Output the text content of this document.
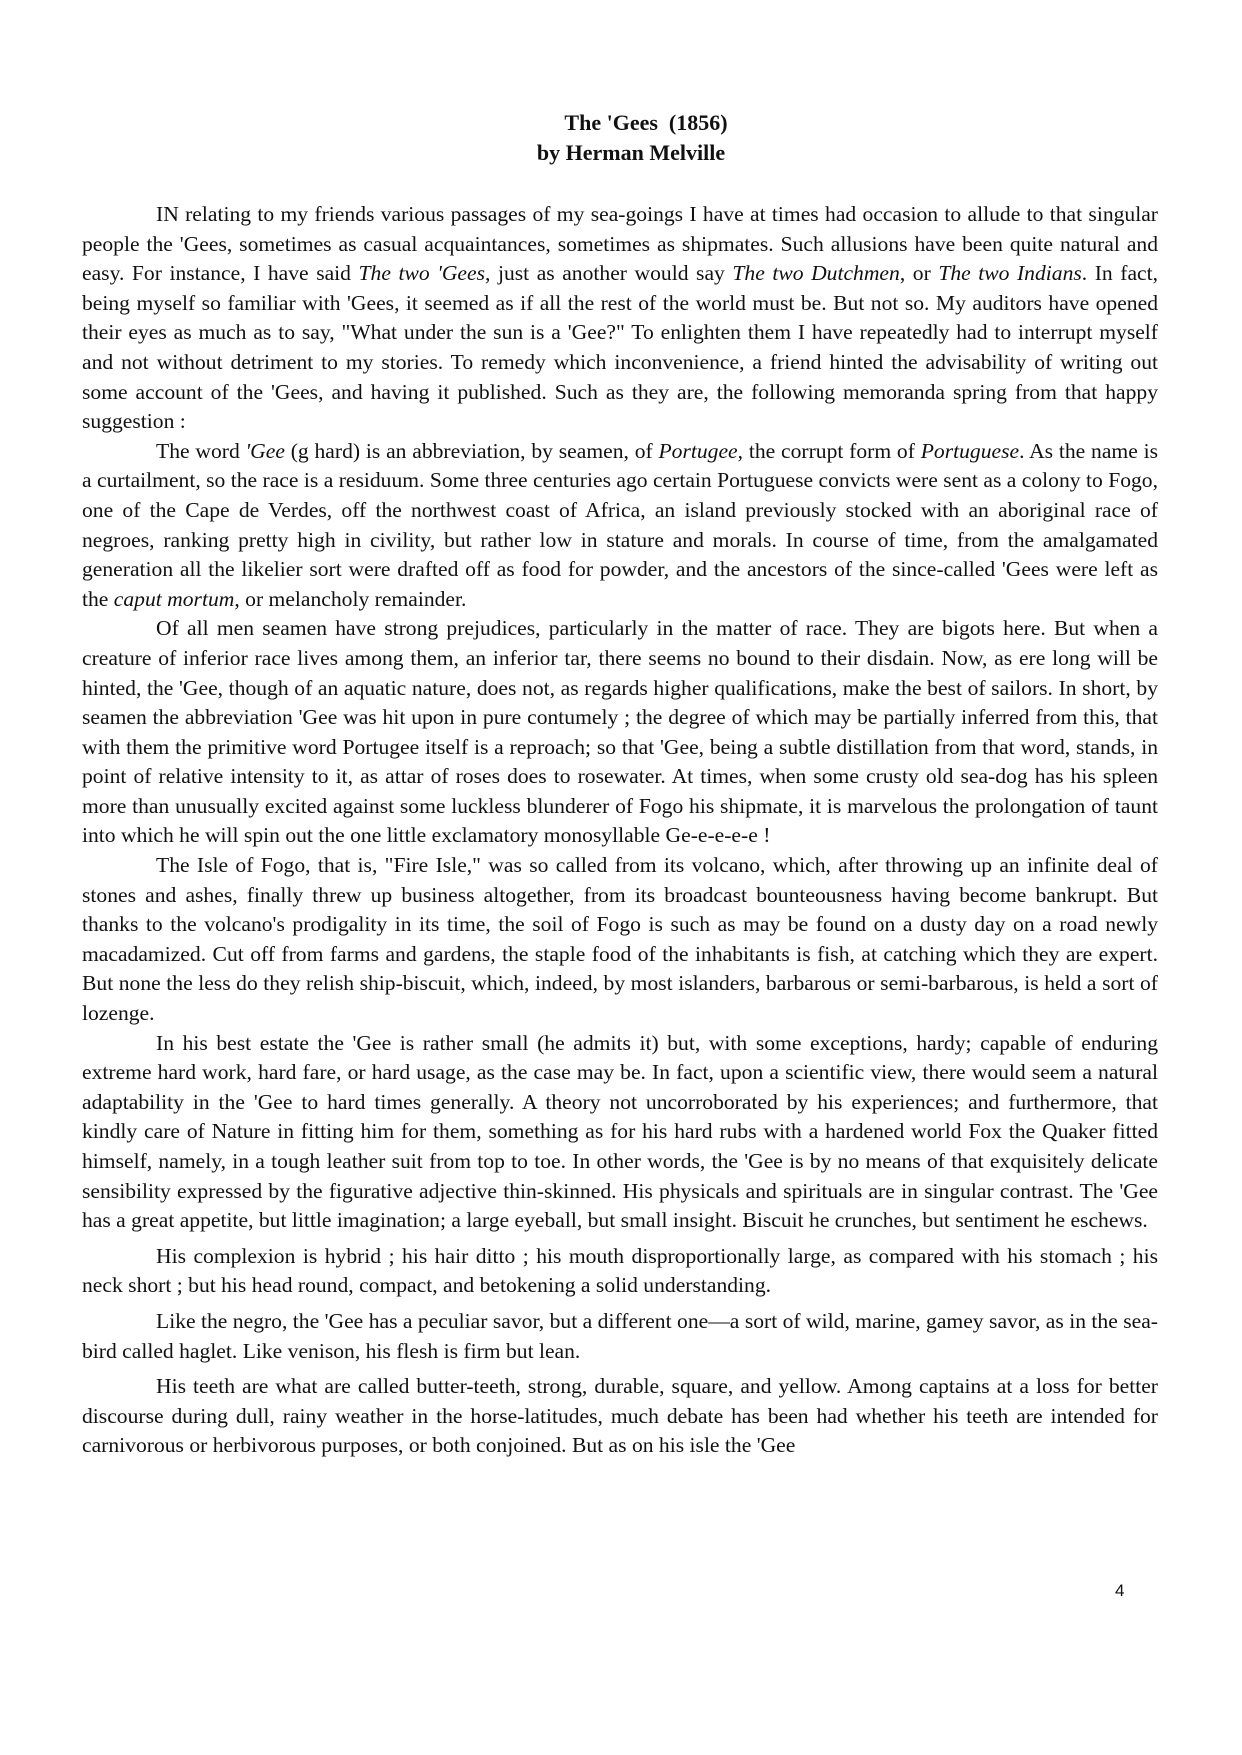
The 'Gees  (1856)
by Herman Melville

IN relating to my friends various passages of my sea-goings I have at times had occasion to allude to that singular people the 'Gees, sometimes as casual acquaintances, sometimes as shipmates. Such allusions have been quite natural and easy. For instance, I have said The two 'Gees, just as another would say The two Dutchmen, or The two Indians. In fact, being myself so familiar with 'Gees, it seemed as if all the rest of the world must be. But not so. My auditors have opened their eyes as much as to say, "What under the sun is a 'Gee?" To enlighten them I have repeatedly had to interrupt myself and not without detriment to my stories. To remedy which inconvenience, a friend hinted the advisability of writing out some account of the 'Gees, and having it published. Such as they are, the following memoranda spring from that happy suggestion :

The word 'Gee (g hard) is an abbreviation, by seamen, of Portugee, the corrupt form of Portuguese. As the name is a curtailment, so the race is a residuum. Some three centuries ago certain Portuguese convicts were sent as a colony to Fogo, one of the Cape de Verdes, off the northwest coast of Africa, an island previously stocked with an aboriginal race of negroes, ranking pretty high in civility, but rather low in stature and morals. In course of time, from the amalgamated generation all the likelier sort were drafted off as food for powder, and the ancestors of the since-called 'Gees were left as the caput mortum, or melancholy remainder.

Of all men seamen have strong prejudices, particularly in the matter of race. They are bigots here. But when a creature of inferior race lives among them, an inferior tar, there seems no bound to their disdain. Now, as ere long will be hinted, the 'Gee, though of an aquatic nature, does not, as regards higher qualifications, make the best of sailors. In short, by seamen the abbreviation 'Gee was hit upon in pure contumely ; the degree of which may be partially inferred from this, that with them the primitive word Portugee itself is a reproach; so that 'Gee, being a subtle distillation from that word, stands, in point of relative intensity to it, as attar of roses does to rosewater. At times, when some crusty old sea-dog has his spleen more than unusually excited against some luckless blunderer of Fogo his shipmate, it is marvelous the prolongation of taunt into which he will spin out the one little exclamatory monosyllable Ge-e-e-e-e !

The Isle of Fogo, that is, "Fire Isle," was so called from its volcano, which, after throwing up an infinite deal of stones and ashes, finally threw up business altogether, from its broadcast bounteousness having become bankrupt. But thanks to the volcano's prodigality in its time, the soil of Fogo is such as may be found on a dusty day on a road newly macadamized. Cut off from farms and gardens, the staple food of the inhabitants is fish, at catching which they are expert. But none the less do they relish ship-biscuit, which, indeed, by most islanders, barbarous or semi-barbarous, is held a sort of lozenge.

In his best estate the 'Gee is rather small (he admits it) but, with some exceptions, hardy; capable of enduring extreme hard work, hard fare, or hard usage, as the case may be. In fact, upon a scientific view, there would seem a natural adaptability in the 'Gee to hard times generally. A theory not uncorroborated by his experiences; and furthermore, that kindly care of Nature in fitting him for them, something as for his hard rubs with a hardened world Fox the Quaker fitted himself, namely, in a tough leather suit from top to toe. In other words, the 'Gee is by no means of that exquisitely delicate sensibility expressed by the figurative adjective thin-skinned. His physicals and spirituals are in singular contrast. The 'Gee has a great appetite, but little imagination; a large eyeball, but small insight. Biscuit he crunches, but sentiment he eschews.

His complexion is hybrid ; his hair ditto ; his mouth disproportionally large, as compared with his stomach ; his neck short ; but his head round, compact, and betokening a solid understanding.

Like the negro, the 'Gee has a peculiar savor, but a different one—a sort of wild, marine, gamey savor, as in the sea-bird called haglet. Like venison, his flesh is firm but lean.

His teeth are what are called butter-teeth, strong, durable, square, and yellow. Among captains at a loss for better discourse during dull, rainy weather in the horse-latitudes, much debate has been had whether his teeth are intended for carnivorous or herbivorous purposes, or both conjoined. But as on his isle the 'Gee

4
